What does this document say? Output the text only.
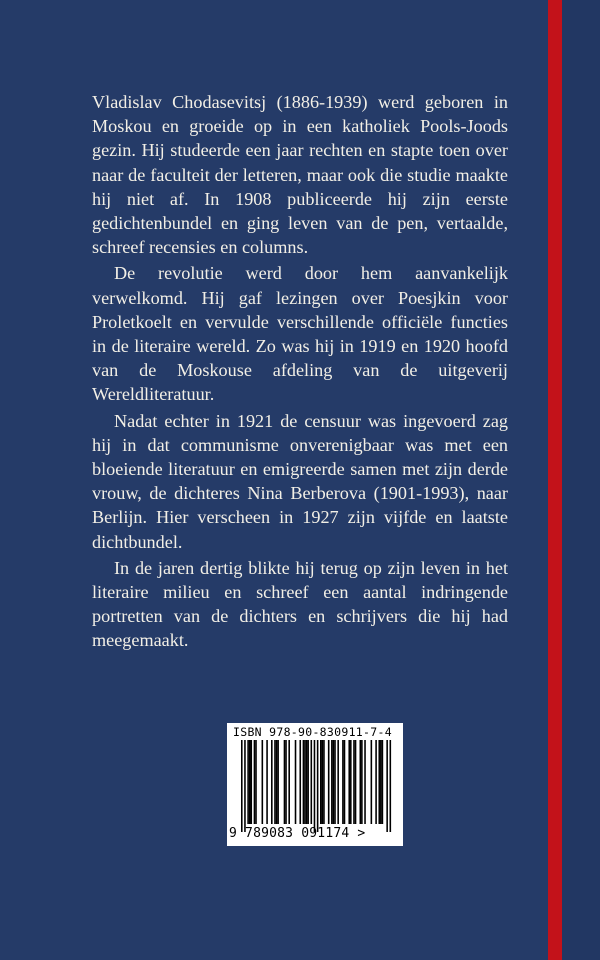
Vladislav Chodasevitsj (1886-1939) werd geboren in Moskou en groeide op in een katholiek Pools-Joods gezin. Hij studeerde een jaar rechten en stapte toen over naar de faculteit der letteren, maar ook die studie maakte hij niet af. In 1908 publiceerde hij zijn eerste gedichtenbundel en ging leven van de pen, vertaalde, schreef recensies en columns.

De revolutie werd door hem aanvankelijk verwelkomd. Hij gaf lezingen over Poesjkin voor Proletkoelt en vervulde verschillende officiële functies in de literaire wereld. Zo was hij in 1919 en 1920 hoofd van de Moskouse afdeling van de uitgeverij Wereldliteratuur.

Nadat echter in 1921 de censuur was ingevoerd zag hij in dat communisme onverenigbaar was met een bloeiende literatuur en emigreerde samen met zijn derde vrouw, de dichteres Nina Berberova (1901-1993), naar Berlijn. Hier verscheen in 1927 zijn vijfde en laatste dichtbundel.

In de jaren dertig blikte hij terug op zijn leven in het literaire milieu en schreef een aantal indringende portretten van de dichters en schrijvers die hij had meegemaakt.

ISBN 978-90-830911-7-4
9 789083 091174 >
